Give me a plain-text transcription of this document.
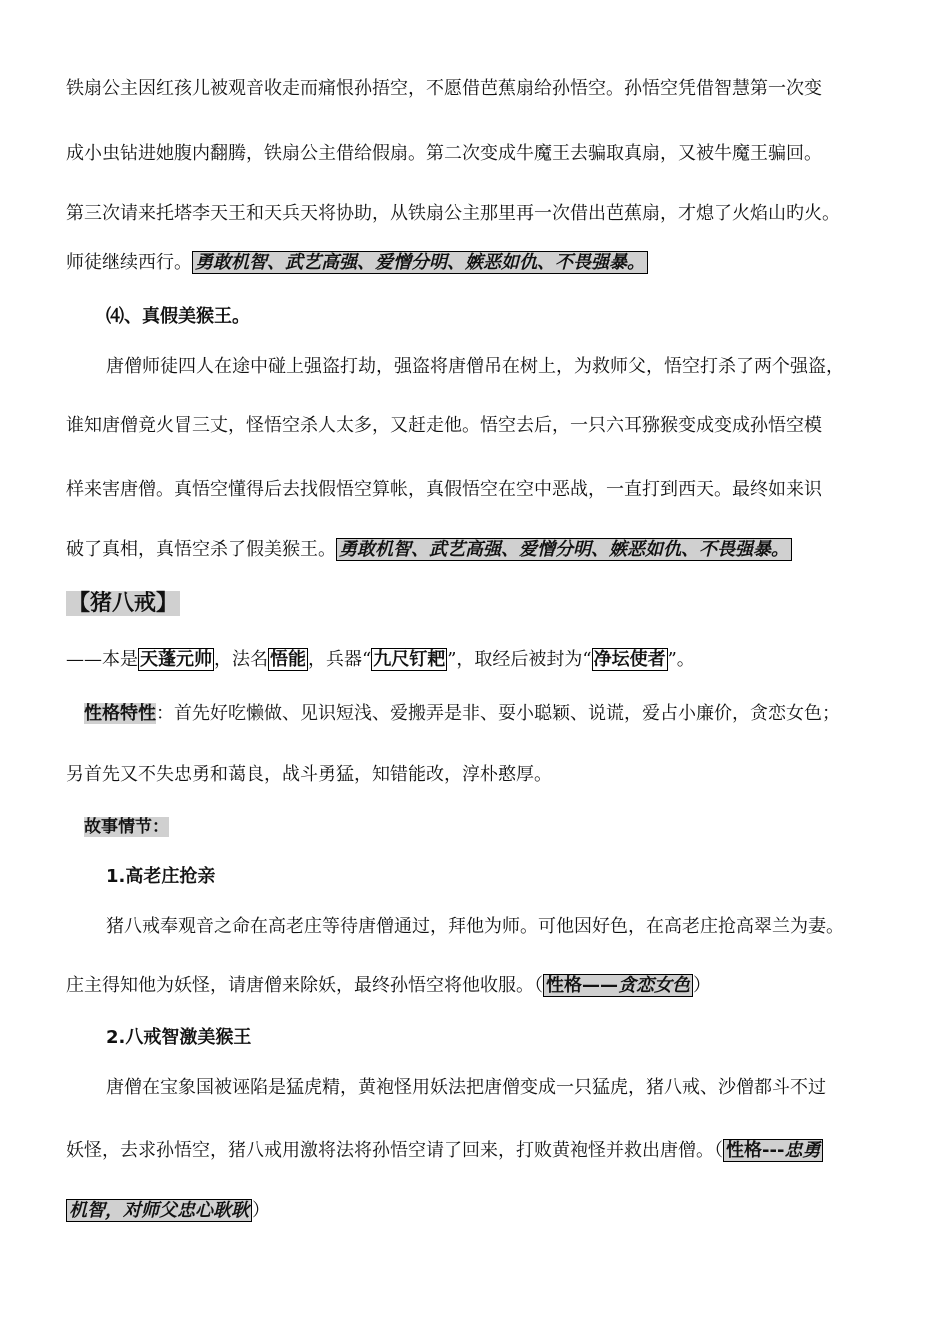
铁扇公主因红孩儿被观音收走而痛恨孙捂空，不愿借芭蕉扇给孙悟空。孙悟空凭借智慧第一次变
成小虫钻进她腹内翻腾，铁扇公主借给假扇。第二次变成牛魔王去骗取真扇，又被牛魔王骗回。
第三次请来托塔李天王和天兵天将协助，从铁扇公主那里再一次借出芭蕉扇，才熄了火焰山旳火。
师徒继续西行。 勇敢机智、武艺高强、爱憎分明、嫉恶如仇、不畏强暴。
⑷、真假美猴王。
唐僧师徒四人在途中碰上强盗打劫，强盗将唐僧吊在树上，为救师父，悟空打杀了两个强盗，
谁知唐僧竟火冒三丈，怪悟空杀人太多，又赶走他。悟空去后，一只六耳猕猴变成变成孙悟空模
样来害唐僧。真悟空懂得后去找假悟空算帐，真假悟空在空中恶战，一直打到西天。最终如来识
破了真相，真悟空杀了假美猴王。 勇敢机智、武艺高强、爱憎分明、嫉恶如仇、不畏强暴。
【猪八戒】
——本是 天蓬元帅 ，法名 悟能 ，兵器“ 九尺钉耙 ”，取经后被封为“ 净坛使者 ”。
性格特性：首先好吃懒做、见识短浅、爱搬弄是非、耍小聪颖、说谎，爱占小廉价，贪恋女色；
另首先又不失忠勇和蔼良，战斗勇猛，知错能改，淳朴憨厚。
故事情节：
1.高老庄抢亲
猪八戒奉观音之命在高老庄等待唐僧通过，拜他为师。可他因好色，在高老庄抢高翠兰为妻。
庄主得知他为妖怪，请唐僧来除妖，最终孙悟空将他收服。（ 性格——贪恋女色 ）
2.八戒智激美猴王
唐僧在宝象国被诬陷是猛虎精，黄袍怪用妖法把唐僧变成一只猛虎，猪八戒、沙僧都斗不过
妖怪，去求孙悟空，猪八戒用激将法将孙悟空请了回来，打败黄袍怪并救出唐僧。（ 性格---忠勇
机智，对师父忠心耿耿 ）
